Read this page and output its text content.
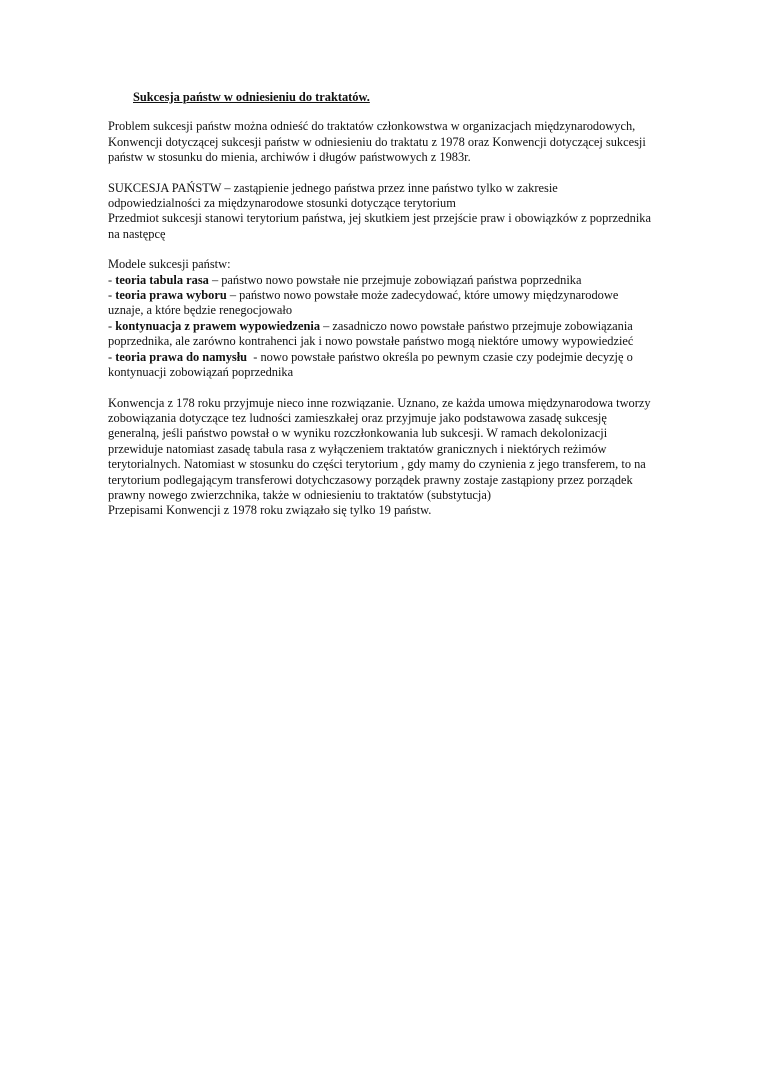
Sukcesja państw w odniesieniu do traktatów.
Problem sukcesji państw można odnieść do traktatów członkowstwa w organizacjach międzynarodowych,
Konwencji dotyczącej sukcesji państw w odniesieniu do traktatu z 1978 oraz Konwencji dotyczącej sukcesji
państw w stosunku do mienia, archiwów i długów państwowych z 1983r.
SUKCESJA PAŃSTW – zastąpienie jednego państwa przez inne państwo tylko w zakresie
odpowiedzialności za międzynarodowe stosunki dotyczące terytorium
Przedmiot sukcesji stanowi terytorium państwa, jej skutkiem jest przejście praw i obowiązków z poprzednika
na następcę
Modele sukcesji państw:
- teoria tabula rasa – państwo nowo powstałe nie przejmuje zobowiązań państwa poprzednika
- teoria prawa wyboru – państwo nowo powstałe może zadecydować, które umowy międzynarodowe
uznaje, a które będzie renegocjowało
- kontynuacja z prawem wypowiedzenia – zasadniczo nowo powstałe państwo przejmuje zobowiązania
poprzednika, ale zarówno kontrahenci jak i nowo powstałe państwo mogą niektóre umowy wypowiedzieć
- teoria prawa do namysłu  - nowo powstałe państwo określa po pewnym czasie czy podejmie decyzję o
kontynuacji zobowiązań poprzednika
Konwencja z 178 roku przyjmuje nieco inne rozwiązanie. Uznano, ze każda umowa międzynarodowa tworzy
zobowiązania dotyczące tez ludności zamieszkałej oraz przyjmuje jako podstawowa zasadę sukcesję
generalną, jeśli państwo powstał o w wyniku rozczłonkowania lub sukcesji. W ramach dekolonizacji
przewiduje natomiast zasadę tabula rasa z wyłączeniem traktatów granicznych i niektórych reżimów
terytorialnych. Natomiast w stosunku do części terytorium , gdy mamy do czynienia z jego transferem, to na
terytorium podlegającym transferowi dotychczasowy porządek prawny zostaje zastąpiony przez porządek
prawny nowego zwierzchnika, także w odniesieniu to traktatów (substytucja)
Przepisami Konwencji z 1978 roku związało się tylko 19 państw.
